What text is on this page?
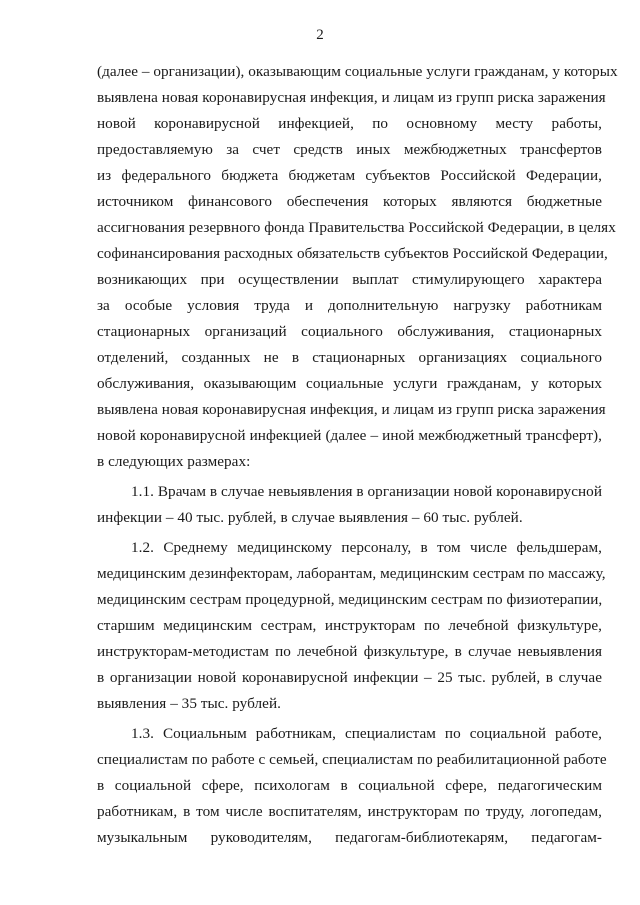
2
(далее – организации), оказывающим социальные услуги гражданам, у которых
выявлена новая коронавирусная инфекция, и лицам из групп риска заражения
новой коронавирусной инфекцией, по основному месту работы,
предоставляемую за счет средств иных межбюджетных трансфертов
из федерального бюджета бюджетам субъектов Российской Федерации,
источником финансового обеспечения которых являются бюджетные
ассигнования резервного фонда Правительства Российской Федерации, в целях
софинансирования расходных обязательств субъектов Российской Федерации,
возникающих при осуществлении выплат стимулирующего характера
за особые условия труда и дополнительную нагрузку работникам
стационарных организаций социального обслуживания, стационарных
отделений, созданных не в стационарных организациях социального
обслуживания, оказывающим социальные услуги гражданам, у которых
выявлена новая коронавирусная инфекция, и лицам из групп риска заражения
новой коронавирусной инфекцией (далее – иной межбюджетный трансферт),
в следующих размерах:
1.1. Врачам в случае невыявления в организации новой коронавирусной
инфекции – 40 тыс. рублей, в случае выявления – 60 тыс. рублей.
1.2. Среднему медицинскому персоналу, в том числе фельдшерам,
медицинским дезинфекторам, лаборантам, медицинским сестрам по массажу,
медицинским сестрам процедурной, медицинским сестрам по физиотерапии,
старшим медицинским сестрам, инструкторам по лечебной физкультуре,
инструкторам-методистам по лечебной физкультуре, в случае невыявления
в организации новой коронавирусной инфекции – 25 тыс. рублей, в случае
выявления – 35 тыс. рублей.
1.3. Социальным работникам, специалистам по социальной работе,
специалистам по работе с семьей, специалистам по реабилитационной работе
в социальной сфере, психологам в социальной сфере, педагогическим
работникам, в том числе воспитателям, инструкторам по труду, логопедам,
музыкальным руководителям, педагогам-библиотекарям, педагогам-
